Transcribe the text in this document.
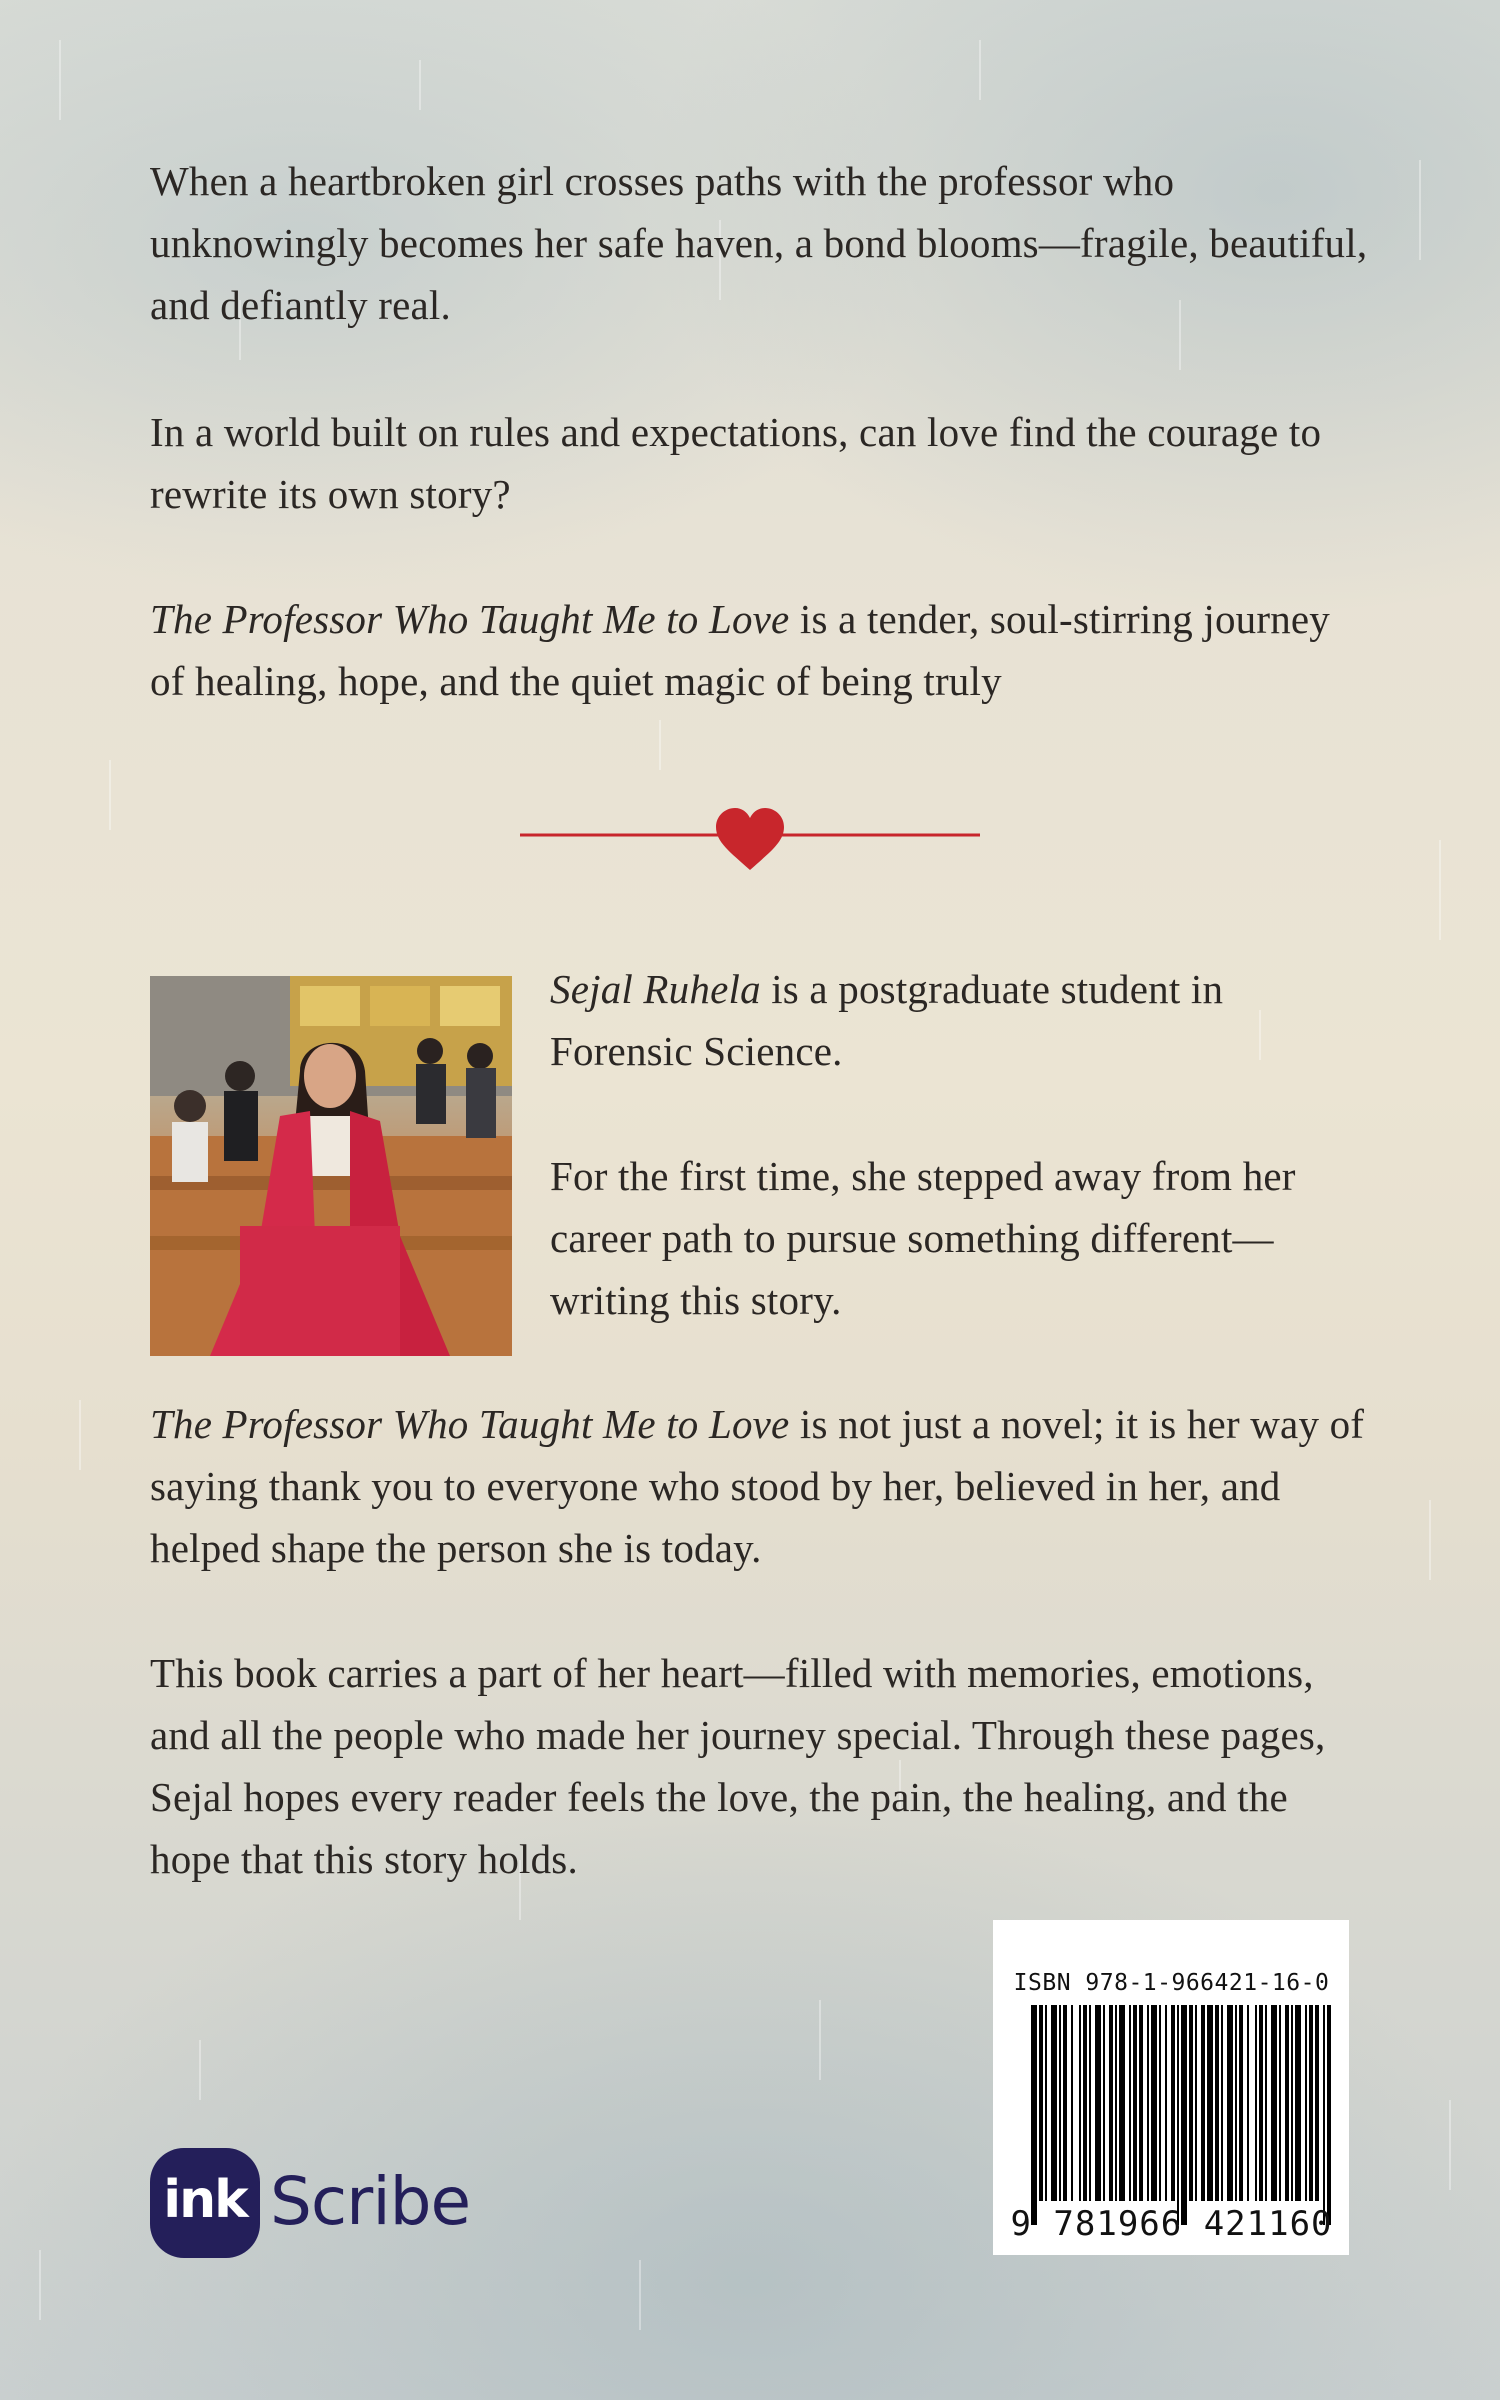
When a heartbroken girl crosses paths with the professor who unknowingly becomes her safe haven, a bond blooms—fragile, beautiful, and defiantly real.

In a world built on rules and expectations, can love find the courage to rewrite its own story?

The Professor Who Taught Me to Love is a tender, soul-stirring journey of healing, hope, and the quiet magic of being truly

Sejal Ruhela is a postgraduate student in Forensic Science.

For the first time, she stepped away from her career path to pursue something different—writing this story.

The Professor Who Taught Me to Love is not just a novel; it is her way of saying thank you to everyone who stood by her, believed in her, and helped shape the person she is today.

This book carries a part of her heart—filled with memories, emotions, and all the people who made her journey special. Through these pages, Sejal hopes every reader feels the love, the pain, the healing, and the hope that this story holds.

ISBN 978-1-966421-16-0
9 781966 421160
ink Scribe
